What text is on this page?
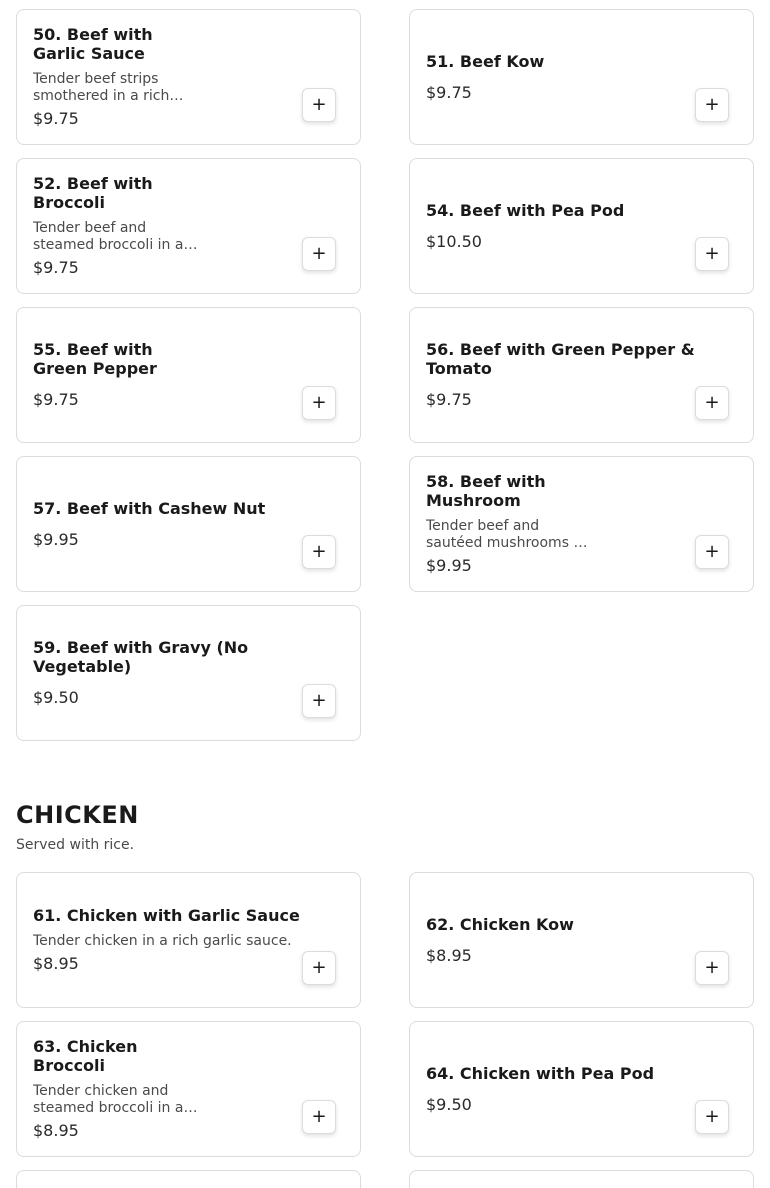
50. Beef with Garlic Sauce
Tender beef strips smothered in a rich
$9.75
+
51. Beef Kow
$9.75
+
52. Beef with Broccoli
Tender beef and steamed broccoli in a
$9.75
+
54. Beef with Pea Pod
$10.50
+
55. Beef with Green Pepper
$9.75	+
56. Beef with Green Pepper & Tomato
$9.75	+
57. Beef with Cashew Nut
$9.95
+
58. Beef with Mushroom
Tender beef and sautéed mushrooms in
$9.95
+
59. Beef with Gravy (No Vegetable)
$9.50	+
CHICKEN
Served with rice.
61. Chicken with Garlic Sauce
Tender chicken in a rich garlic sauce.
$8.95	+
62. Chicken Kow
$8.95
+
63. Chicken Broccoli
Tender chicken and steamed broccoli in a
$8.95
+
64. Chicken with Pea Pod
$9.50
+
